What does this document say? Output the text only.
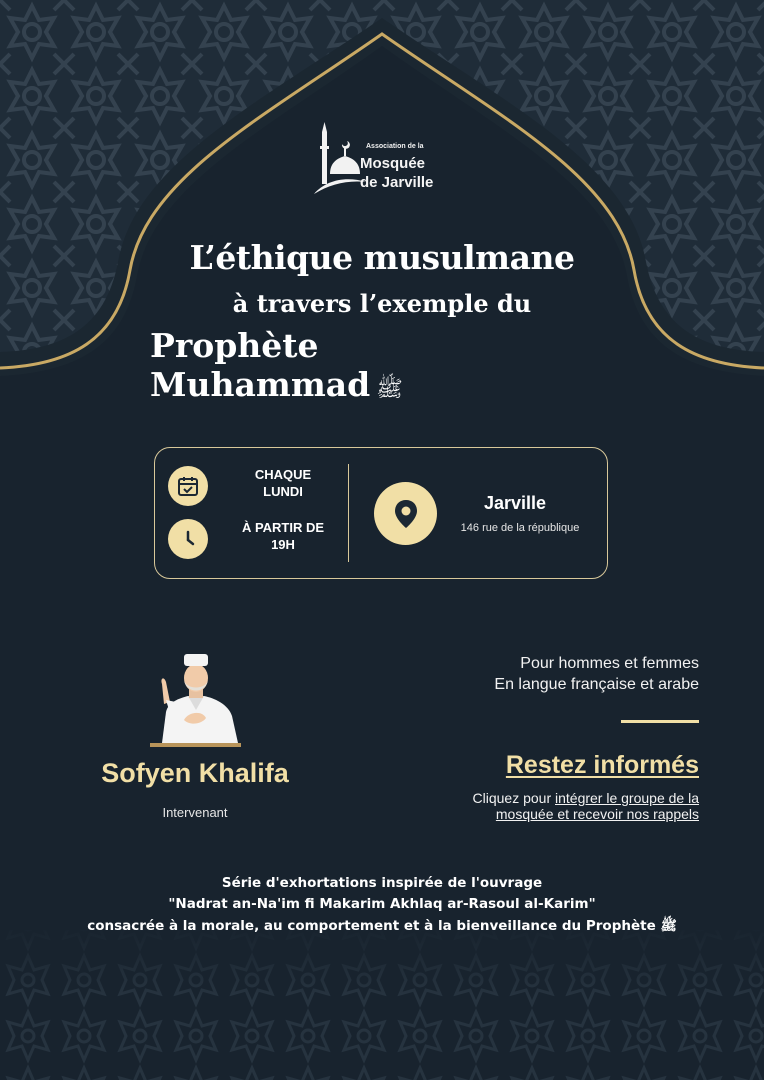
Association de la
Mosquée
de Jarville
L’éthique musulmane
à travers l’exemple du
Prophète Muhammad ﷺ
CHAQUE
LUNDI
À PARTIR DE
19H
Jarville
146 rue de la république
Sofyen Khalifa
Intervenant
Pour hommes et femmes
En langue française et arabe
Restez informés
Cliquez pour intégrer le groupe de la
mosquée et recevoir nos rappels
Série d'exhortations inspirée de l'ouvrage
"Nadrat an-Na'im fi Makarim Akhlaq ar-Rasoul al-Karim"
consacrée à la morale, au comportement et à la bienveillance du Prophète ﷺ
